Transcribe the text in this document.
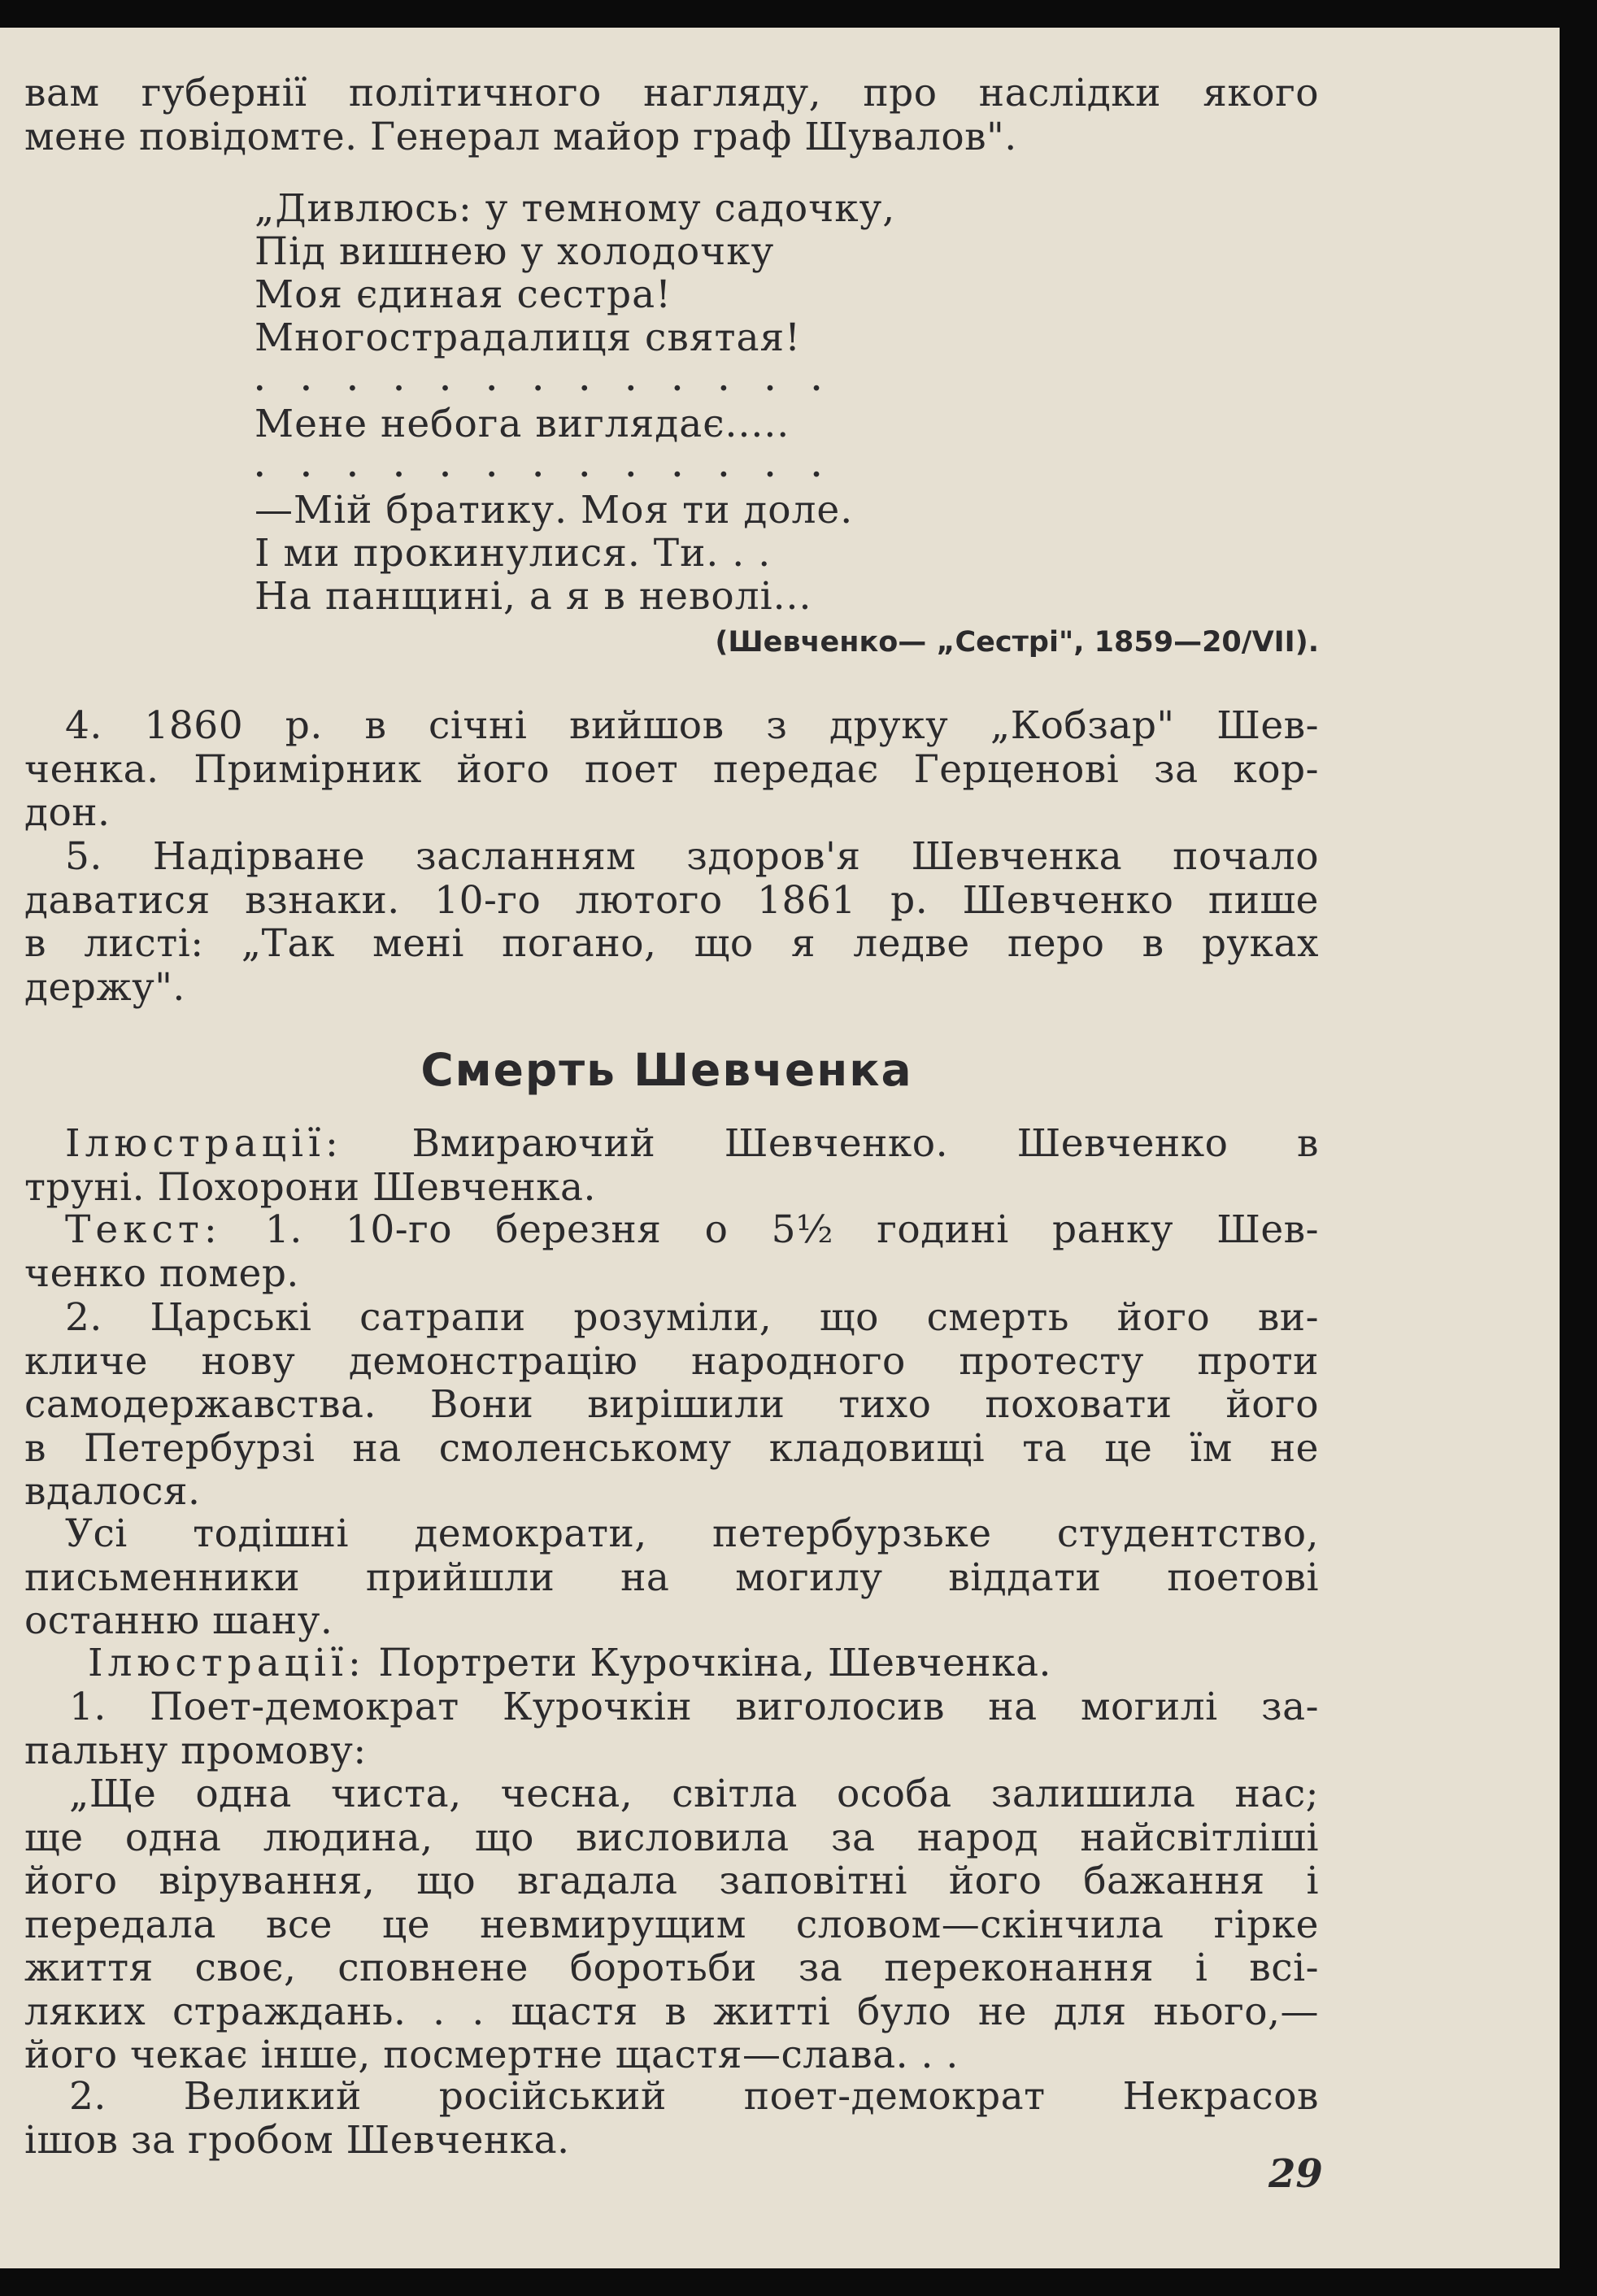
вам губернії політичного нагляду, про наслідки якого
мене повідомте. Генерал майор граф Шувалов".
„Дивлюсь: у темному садочку,
Під вишнею у холодочку
Моя єдиная сестра!
Многострадалиця святая!
. . . . . . . . . . . . .
Мене небога виглядає.....
. . . . . . . . . . . . .
—Мій братику. Моя ти доле.
І ми прокинулися. Ти. . .
На панщині, а я в неволі...
(Шевченко— „Сестрі", 1859—20/VII).
4. 1860 р. в січні вийшов з друку „Кобзар" Шев-
ченка. Примірник його поет передає Герценові за кор-
дон.
5. Надірване засланням здоров'я Шевченка почало
даватися взнаки. 10-го лютого 1861 р. Шевченко пише
в листі: „Так мені погано, що я ледве перо в руках
держу".
Смерть Шевченка
Ілюстрації: Вмираючий Шевченко. Шевченко в
труні. Похорони Шевченка.
Текст: 1. 10-го березня о 5½ годині ранку Шев-
ченко помер.
2. Царські сатрапи розуміли, що смерть його ви-
кличе нову демонстрацію народного протесту проти
самодержавства. Вони вирішили тихо поховати його
в Петербурзі на смоленському кладовищі та це їм не
вдалося.
Усі тодішні демократи, петербурзьке студентство,
письменники прийшли на могилу віддати поетові
останню шану.
Ілюстрації: Портрети Курочкіна, Шевченка.
1. Поет-демократ Курочкін виголосив на могилі за-
пальну промову:
„Ще одна чиста, чесна, світла особа залишила нас;
ще одна людина, що висловила за народ найсвітліші
його вірування, що вгадала заповітні його бажання і
передала все це невмирущим словом—скінчила гірке
життя своє, сповнене боротьби за переконання і всі-
ляких страждань. . . щастя в житті було не для нього,—
його чекає інше, посмертне щастя—слава. . .
2. Великий російський поет-демократ Некрасов
ішов за гробом Шевченка.
29
